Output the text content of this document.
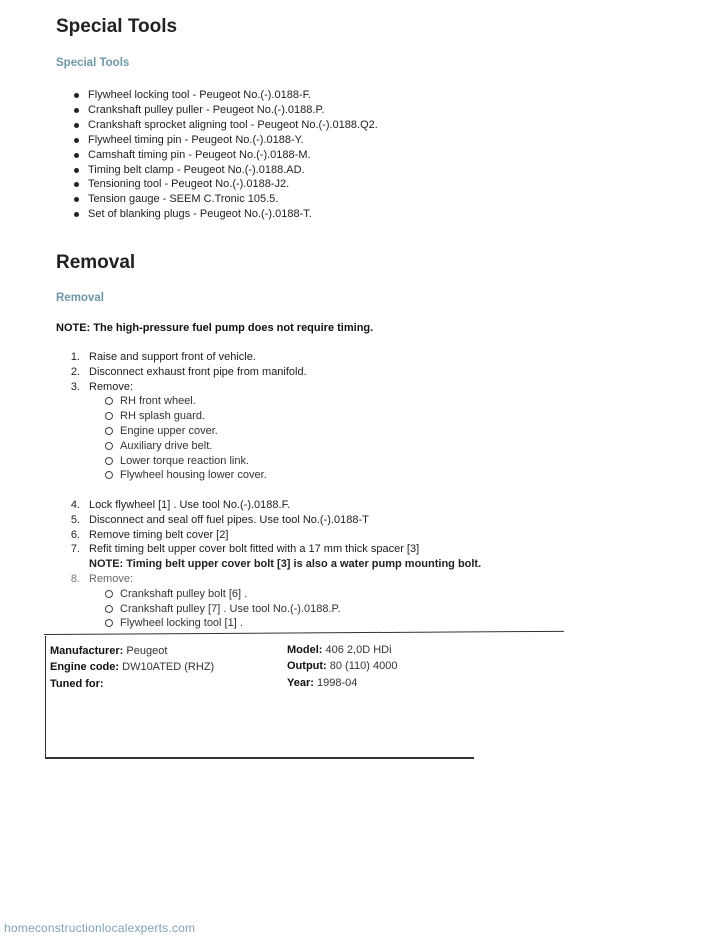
Special Tools
Special Tools
Flywheel locking tool - Peugeot No.(-).0188-F.
Crankshaft pulley puller - Peugeot No.(-).0188.P.
Crankshaft sprocket aligning tool - Peugeot No.(-).0188.Q2.
Flywheel timing pin - Peugeot No.(-).0188-Y.
Camshaft timing pin - Peugeot No.(-).0188-M.
Timing belt clamp - Peugeot No.(-).0188.AD.
Tensioning tool - Peugeot No.(-).0188-J2.
Tension gauge - SEEM C.Tronic 105.5.
Set of blanking plugs - Peugeot No.(-).0188-T.
Removal
Removal
NOTE: The high-pressure fuel pump does not require timing.
1. Raise and support front of vehicle.
2. Disconnect exhaust front pipe from manifold.
3. Remove:
RH front wheel.
RH splash guard.
Engine upper cover.
Auxiliary drive belt.
Lower torque reaction link.
Flywheel housing lower cover.
4. Lock flywheel [1] . Use tool No.(-).0188.F.
5. Disconnect and seal off fuel pipes. Use tool No.(-).0188-T
6. Remove timing belt cover [2]
7. Refit timing belt upper cover bolt fitted with a 17 mm thick spacer [3]
NOTE: Timing belt upper cover bolt [3] is also a water pump mounting bolt.
8. Remove:
Crankshaft pulley bolt [6] .
Crankshaft pulley [7] . Use tool No.(-).0188.P.
Flywheel locking tool [1] .
Manufacturer: Peugeot
Engine code: DW10ATED (RHZ)
Tuned for:
Model: 406 2,0D HDi
Output: 80 (110) 4000
Year: 1998-04
homeconstructionlocalexperts.com
